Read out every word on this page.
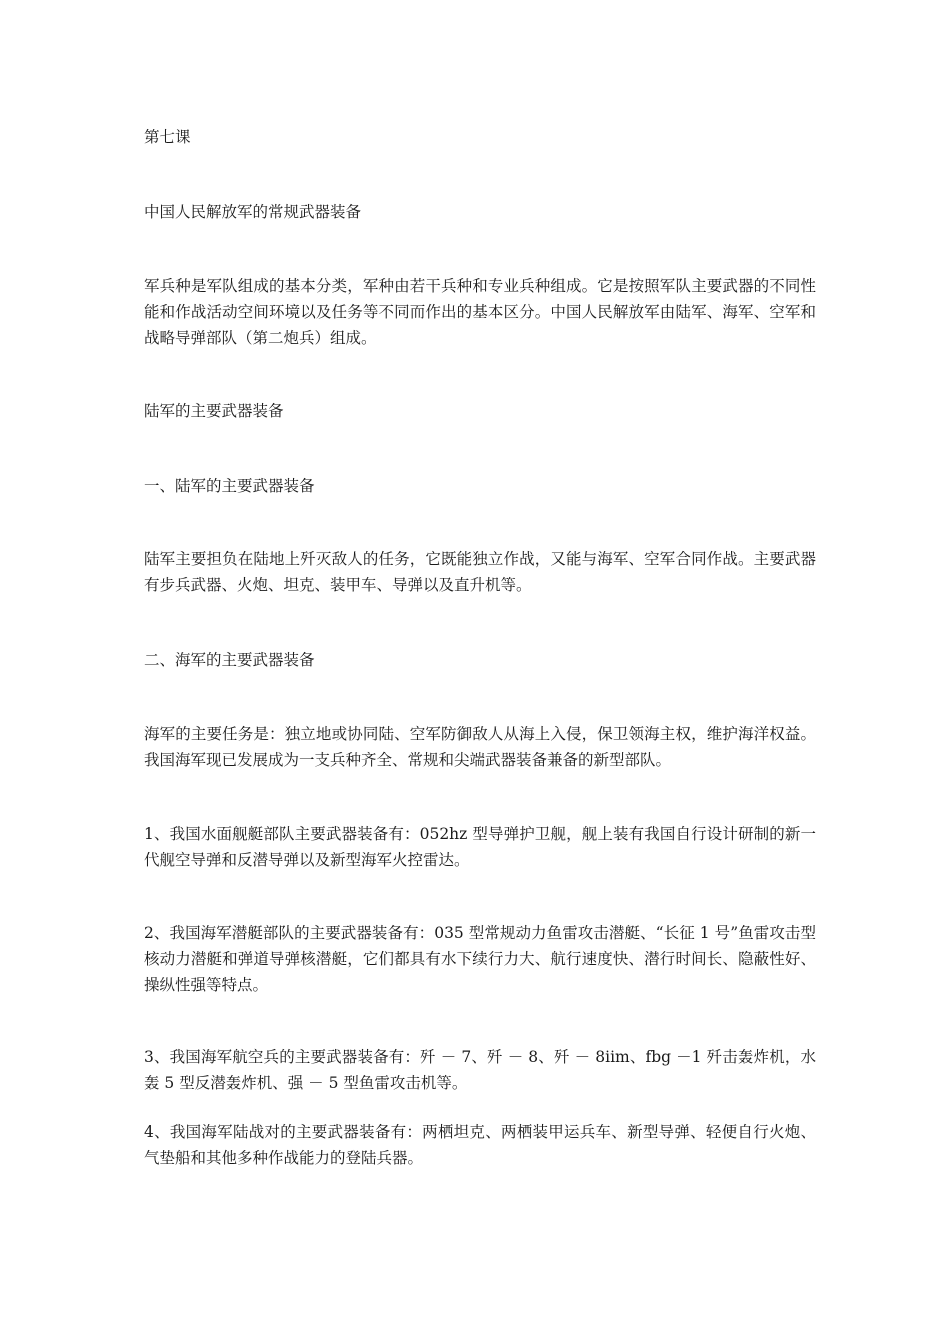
第七课

中国人民解放军的常规武器装备

军兵种是军队组成的基本分类，军种由若干兵种和专业兵种组成。它是按照军队主要武器的不同性能和作战活动空间环境以及任务等不同而作出的基本区分。中国人民解放军由陆军、海军、空军和战略导弹部队（第二炮兵）组成。

陆军的主要武器装备

一、陆军的主要武器装备

陆军主要担负在陆地上歼灭敌人的任务，它既能独立作战，又能与海军、空军合同作战。主要武器有步兵武器、火炮、坦克、装甲车、导弹以及直升机等。

二、海军的主要武器装备

海军的主要任务是：独立地或协同陆、空军防御敌人从海上入侵，保卫领海主权，维护海洋权益。我国海军现已发展成为一支兵种齐全、常规和尖端武器装备兼备的新型部队。

1、我国水面舰艇部队主要武器装备有：052hz 型导弹护卫舰，舰上装有我国自行设计研制的新一代舰空导弹和反潜导弹以及新型海军火控雷达。

2、我国海军潜艇部队的主要武器装备有：035 型常规动力鱼雷攻击潜艇、“长征 1 号”鱼雷攻击型核动力潜艇和弹道导弹核潜艇，它们都具有水下续行力大、航行速度快、潜行时间长、隐蔽性好、操纵性强等特点。

3、我国海军航空兵的主要武器装备有：歼 － 7、歼 － 8、歼 － 8iim、fbg －1 歼击轰炸机，水轰 5 型反潜轰炸机、强 － 5 型鱼雷攻击机等。

4、我国海军陆战对的主要武器装备有：两栖坦克、两栖装甲运兵车、新型导弹、轻便自行火炮、气垫船和其他多种作战能力的登陆兵器。
